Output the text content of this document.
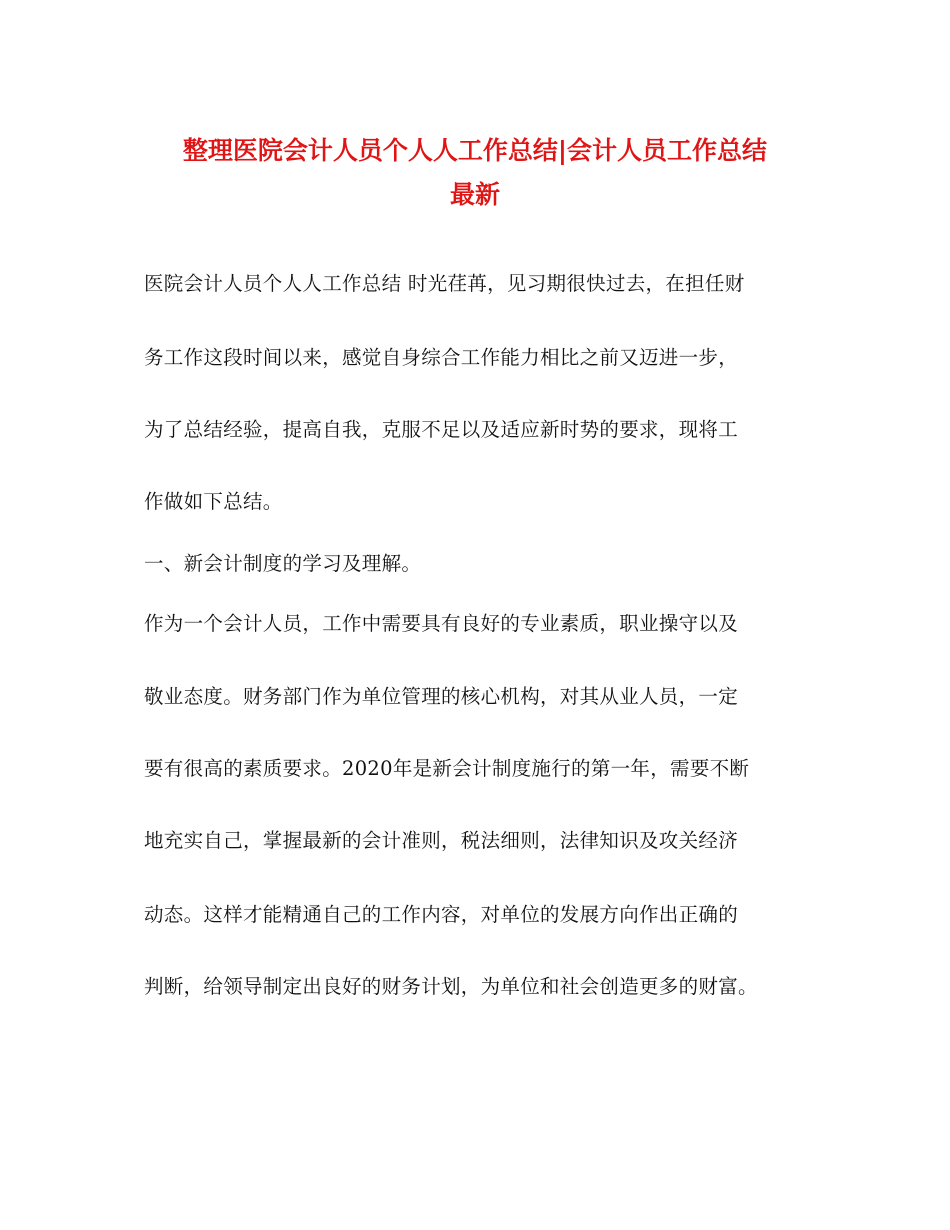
整理医院会计人员个人人工作总结|会计人员工作总结
最新

医院会计人员个人人工作总结 时光荏苒，见习期很快过去，在担任财

务工作这段时间以来，感觉自身综合工作能力相比之前又迈进一步，

为了总结经验，提高自我，克服不足以及适应新时势的要求，现将工

作做如下总结。

一、新会计制度的学习及理解。

作为一个会计人员，工作中需要具有良好的专业素质，职业操守以及

敬业态度。财务部门作为单位管理的核心机构，对其从业人员，一定

要有很高的素质要求。2020年是新会计制度施行的第一年，需要不断

地充实自己，掌握最新的会计准则，税法细则，法律知识及攻关经济

动态。这样才能精通自己的工作内容，对单位的发展方向作出正确的

判断，给领导制定出良好的财务计划，为单位和社会创造更多的财富。
